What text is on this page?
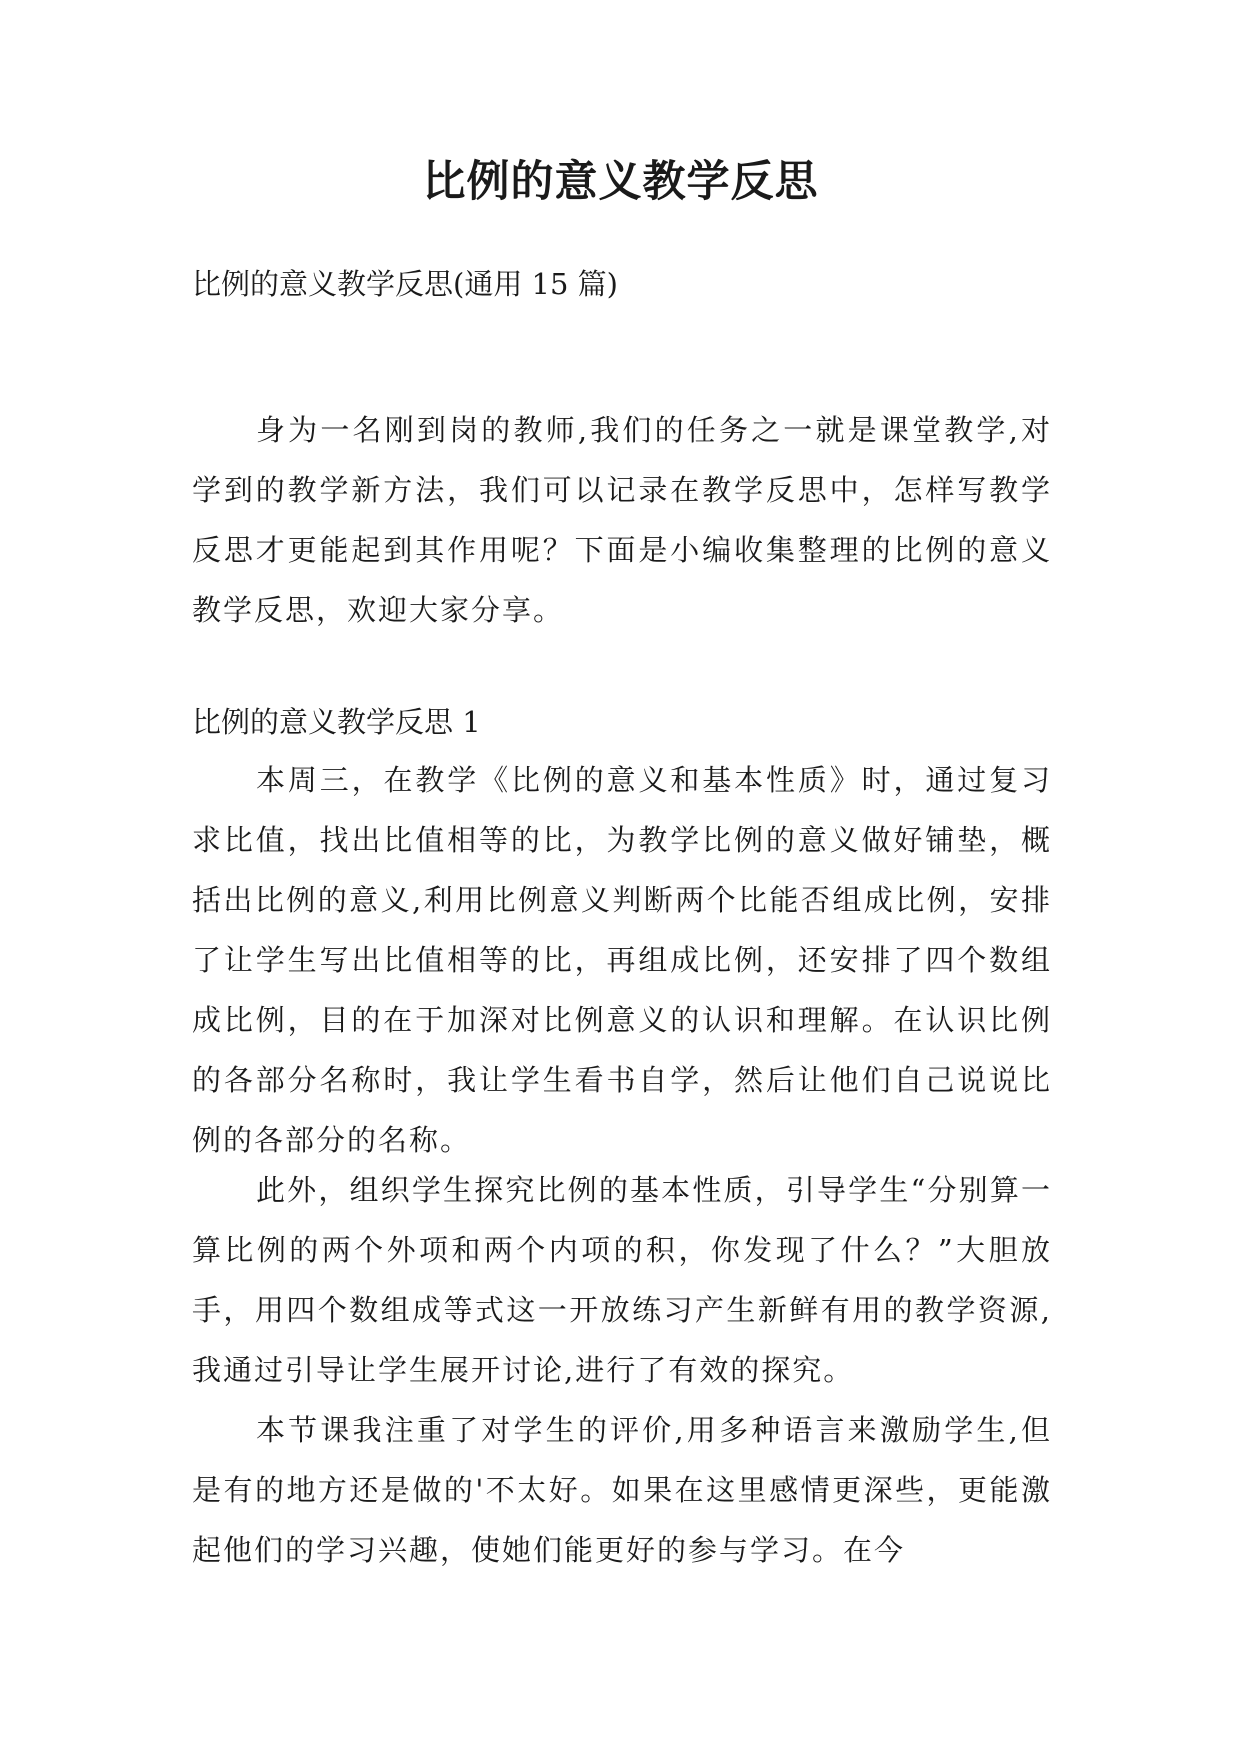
比例的意义教学反思

比例的意义教学反思(通用 15 篇)

身为一名刚到岗的教师,我们的任务之一就是课堂教学,对学到的教学新方法，我们可以记录在教学反思中，怎样写教学反思才更能起到其作用呢？下面是小编收集整理的比例的意义教学反思，欢迎大家分享。

比例的意义教学反思 1

本周三，在教学《比例的意义和基本性质》时，通过复习求比值，找出比值相等的比，为教学比例的意义做好铺垫，概括出比例的意义,利用比例意义判断两个比能否组成比例，安排了让学生写出比值相等的比，再组成比例，还安排了四个数组成比例，目的在于加深对比例意义的认识和理解。在认识比例的各部分名称时，我让学生看书自学，然后让他们自己说说比例的各部分的名称。

此外，组织学生探究比例的基本性质，引导学生“分别算一算比例的两个外项和两个内项的积，你发现了什么？”大胆放手，用四个数组成等式这一开放练习产生新鲜有用的教学资源,我通过引导让学生展开讨论,进行了有效的探究。

本节课我注重了对学生的评价,用多种语言来激励学生,但是有的地方还是做的'不太好。如果在这里感情更深些，更能激起他们的学习兴趣，使她们能更好的参与学习。在今
